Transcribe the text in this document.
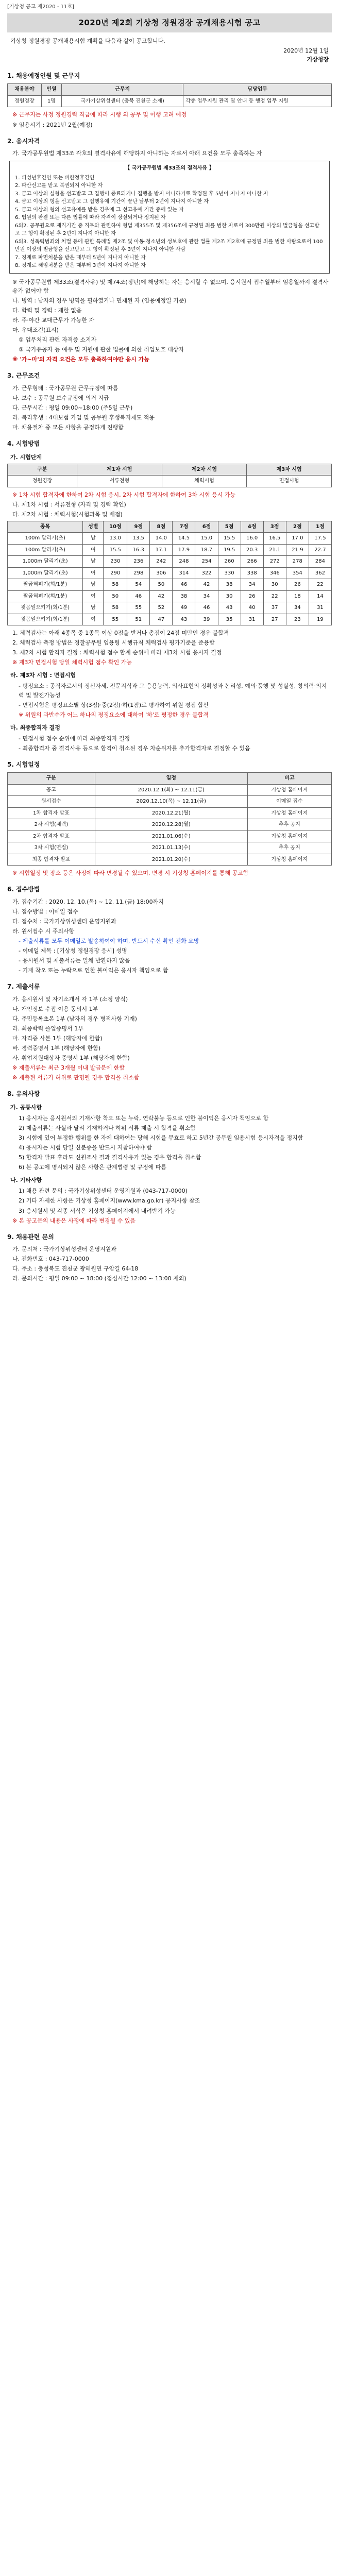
[기상청 공고 제2020 - 11호]
2020년 제2회 기상청 정원경장 공개채용시험 공고
기상청 정원경장 공개채용시험 계획을 다음과 같이 공고합니다.
2020년 12월 1일
기상청장
1. 채용예정인원 및 근무지
채용분야	인원	근무지	담당업무
정원경장	1명	국가기상위성센터 (충북 진천군 소재)	각종 업무지원 관리 및 안내 등 행정 업무 지원
※ 근무지는 사정 정원경력 직급에 따라 시행 외 공무 및 이행 고려 예정
※ 임용시기 : 2021년 2월(예정)
2. 응시자격
가. 국가공무원법 제33조 각호의 결격사유에 해당하지 아니하는 자로서 아래 요건을 모두 충족하는 자
【 국가공무원법 제33조의 결격사유 】
1. 피성년후견인 또는 피한정후견인
2. 파산선고를 받고 복권되지 아니한 자
3. 금고 이상의 실형을 선고받고 그 집행이 종료되거나 집행을 받지 아니하기로 확정된 후 5년이 지나지 아니한 자
4. 금고 이상의 형을 선고받고 그 집행유예 기간이 끝난 날부터 2년이 지나지 아니한 자
5. 금고 이상의 형의 선고유예를 받은 경우에 그 선고유예 기간 중에 있는 자
6. 법원의 판결 또는 다른 법률에 따라 자격이 상실되거나 정지된 자
6의2. 공무원으로 재직기간 중 직무와 관련하여 형법 제355조 및 제356조에 규정된 죄를 범한 자로서 300만원 이상의 벌금형을 선고받고 그 형이 확정된 후 2년이 지나지 아니한 자
6의3. 성폭력범죄의 처벌 등에 관한 특례법 제2조 및 아동·청소년의 성보호에 관한 법률 제2조 제2호에 규정된 죄를 범한 사람으로서 100만원 이상의 벌금형을 선고받고 그 형이 확정된 후 3년이 지나지 아니한 사람
7. 징계로 파면처분을 받은 때부터 5년이 지나지 아니한 자
8. 징계로 해임처분을 받은 때부터 3년이 지나지 아니한 자
※ 국가공무원법 제33조(결격사유) 및 제74조(정년)에 해당하는 자는 응시할 수 없으며, 응시원서 접수일부터 임용일까지 결격사유가 없어야 함
나. 병역 : 남자의 경우 병역을 필하였거나 면제된 자 (임용예정일 기준)
다. 학력 및 경력 : 제한 없음
라. 주·야간 교대근무가 가능한 자
마. 우대조건(표시)
① 업무처리 관련 자격증 소지자
② 국가유공자 등 예우 및 지원에 관한 법률에 의한 취업보호 대상자
※ '가~마'의 자격 요건은 모두 충족하여야만 응시 가능
3. 근무조건
가. 근무형태 : 국가공무원 근무규정에 따름
나. 보수 : 공무원 보수규정에 의거 지급
다. 근무시간 : 평일 09:00~18:00 (주5일 근무)
라. 복리후생 : 4대보험 가입 및 공무원 후생복지제도 적용
마. 채용절차 중 모든 사항을 공정하게 진행함
4. 시험방법
가. 시험단계
구분	제1차 시험	제2차 시험	제3차 시험
정원경장	서류전형	체력시험	면접시험
※ 1차 시험 합격자에 한하여 2차 시험 응시, 2차 시험 합격자에 한하여 3차 시험 응시 가능
나. 제1차 시험 : 서류전형 (자격 및 경력 확인)
다. 제2차 시험 : 체력시험(시험과목 및 배점)
종목	성별	10점	9점	8점	7점	6점	5점	4점	3점	2점	1점
100m 달리기(초)	남	13.0	13.5	14.0	14.5	15.0	15.5	16.0	16.5	17.0	17.5
100m 달리기(초)	여	15.5	16.3	17.1	17.9	18.7	19.5	20.3	21.1	21.9	22.7
1,000m 달리기(초)	남	230	236	242	248	254	260	266	272	278	284
1,000m 달리기(초)	여	290	298	306	314	322	330	338	346	354	362
팔굽혀펴기(회/1분)	남	58	54	50	46	42	38	34	30	26	22
팔굽혀펴기(회/1분)	여	50	46	42	38	34	30	26	22	18	14
윗몸일으키기(회/1분)	남	58	55	52	49	46	43	40	37	34	31
윗몸일으키기(회/1분)	여	55	51	47	43	39	35	31	27	23	19
1. 체력검사는 아래 4종목 중 1종목 이상 0점을 받거나 총점이 24점 미만인 경우 불합격
2. 체력검사 측정 방법은 경찰공무원 임용령 시행규칙 체력검사 평가기준을 준용함
3. 제2차 시험 합격자 결정 : 체력시험 점수 합계 순위에 따라 제3차 시험 응시자 결정
※ 제3차 면접시험 당일 체력시험 점수 확인 가능
라. 제3차 시험 : 면접시험
- 평정요소 : 공직자로서의 정신자세, 전문지식과 그 응용능력, 의사표현의 정확성과 논리성, 예의·품행 및 성실성, 창의력·의지력 및 발전가능성
- 면접시험은 평정요소별 상(3점)·중(2점)·하(1점)로 평가하여 위원 평점 합산
※ 위원의 과반수가 어느 하나의 평정요소에 대하여 '하'로 평정한 경우 불합격
마. 최종합격자 결정
- 면접시험 점수 순위에 따라 최종합격자 결정
- 최종합격자 중 결격사유 등으로 합격이 취소된 경우 차순위자를 추가합격자로 결정할 수 있음
5. 시험일정
구분	일정	비고
공고	2020.12.1(화) ~ 12.11(금)	기상청 홈페이지
원서접수	2020.12.10(목) ~ 12.11(금)	이메일 접수
1차 합격자 발표	2020.12.21(월)	기상청 홈페이지
2차 시험(체력)	2020.12.28(월)	추후 공지
2차 합격자 발표	2021.01.06(수)	기상청 홈페이지
3차 시험(면접)	2021.01.13(수)	추후 공지
최종 합격자 발표	2021.01.20(수)	기상청 홈페이지
※ 시험일정 및 장소 등은 사정에 따라 변경될 수 있으며, 변경 시 기상청 홈페이지를 통해 공고함
6. 접수방법
가. 접수기간 : 2020. 12. 10.(목) ~ 12. 11.(금) 18:00까지
나. 접수방법 : 이메일 접수
다. 접수처 : 국가기상위성센터 운영지원과
라. 원서접수 시 주의사항
- 제출서류를 모두 이메일로 발송하여야 하며, 반드시 수신 확인 전화 요망
- 이메일 제목 : [기상청 정원경장 응시] 성명
- 응시원서 및 제출서류는 일체 반환하지 않음
- 기재 착오 또는 누락으로 인한 불이익은 응시자 책임으로 함
7. 제출서류
가. 응시원서 및 자기소개서 각 1부 (소정 양식)
나. 개인정보 수집·이용 동의서 1부
다. 주민등록초본 1부 (남자의 경우 병적사항 기재)
라. 최종학력 졸업증명서 1부
마. 자격증 사본 1부 (해당자에 한함)
바. 경력증명서 1부 (해당자에 한함)
사. 취업지원대상자 증명서 1부 (해당자에 한함)
※ 제출서류는 최근 3개월 이내 발급분에 한함
※ 제출된 서류가 허위로 판명될 경우 합격을 취소함
8. 유의사항
가. 공통사항
1) 응시자는 응시원서의 기재사항 착오 또는 누락, 연락불능 등으로 인한 불이익은 응시자 책임으로 함
2) 제출서류는 사실과 달리 기재하거나 허위 서류 제출 시 합격을 취소함
3) 시험에 있어 부정한 행위를 한 자에 대하여는 당해 시험을 무효로 하고 5년간 공무원 임용시험 응시자격을 정지함
4) 응시자는 시험 당일 신분증을 반드시 지참하여야 함
5) 합격자 발표 후라도 신원조사 결과 결격사유가 있는 경우 합격을 취소함
6) 본 공고에 명시되지 않은 사항은 관계법령 및 규정에 따름
나. 기타사항
1) 채용 관련 문의 : 국가기상위성센터 운영지원과 (043-717-0000)
2) 기타 자세한 사항은 기상청 홈페이지(www.kma.go.kr) 공지사항 참조
3) 응시원서 및 각종 서식은 기상청 홈페이지에서 내려받기 가능
※ 본 공고문의 내용은 사정에 따라 변경될 수 있음
9. 채용관련 문의
가. 문의처 : 국가기상위성센터 운영지원과
나. 전화번호 : 043-717-0000
다. 주소 : 충청북도 진천군 광혜원면 구암길 64-18
라. 문의시간 : 평일 09:00 ~ 18:00 (점심시간 12:00 ~ 13:00 제외)
